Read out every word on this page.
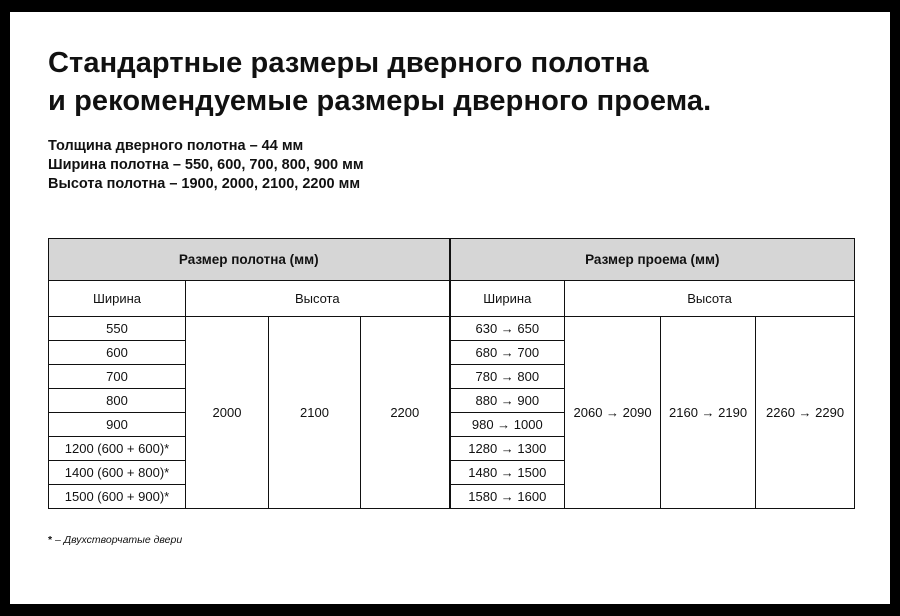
Стандартные размеры дверного полотна
и рекомендуемые размеры дверного проема.
Толщина дверного полотна – 44 мм
Ширина полотна – 550, 600, 700, 800, 900 мм
Высота полотна – 1900, 2000, 2100, 2200 мм
Размер полотна (мм)				Размер проема (мм)			
Ширина	Высота			Ширина	Высота		
550	2000	2100	2200	630 → 650	2060 → 2090	2160 → 2190	2260 → 2290
600				680 → 700			
700				780 → 800			
800				880 → 900			
900				980 → 1000			
1200 (600 + 600)*				1280 → 1300			
1400 (600 + 800)*				1480 → 1500			
1500 (600 + 900)*				1580 → 1600			
* – Двухстворчатые двери
